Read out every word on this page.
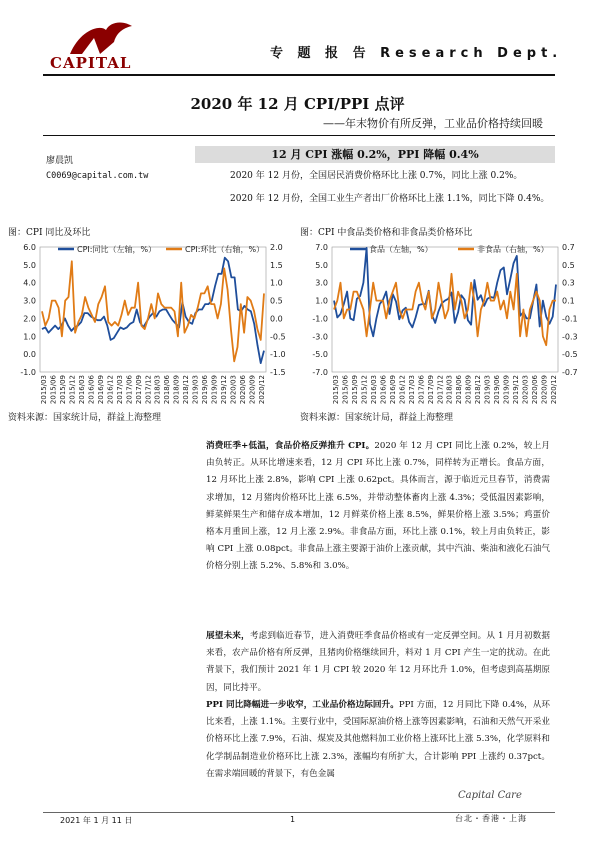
CAPITAL
专 题 报 告 Research Dept.
2020 年 12 月 CPI/PPI 点评
——年末物价有所反弹，工业品价格持续回暖
廖晨凯
C0069@capital.com.tw
12 月 CPI 涨幅 0.2%，PPI 降幅 0.4%
2020 年 12 月份，全国居民消费价格环比上涨 0.7%，同比上涨 0.2%。
2020 年 12 月份，全国工业生产者出厂价格环比上涨 1.1%，同比下降 0.4%。
图：CPI 同比及环比	图：CPI 中食品类价格和非食品类价格环比
6.0
5.0
4.0
3.0
2.0
1.0
0.0
-1.0
2.0
1.5
1.0
0.5
0.0
-0.5
-1.0
-1.5
2015/03 2015/06 2015/09 2015/12 2016/03 2016/06 2016/09 2016/12 2017/03 2017/06 2017/09 2017/12 2018/03 2018/06 2018/09 2018/12 2019/03 2019/06 2019/09 2019/12 2020/03 2020/06 2020/09 2020/12
CPI:同比（左轴，%）	CPI:环比（右轴，%）	7.0
5.0
3.0
1.0
-1.0
-3.0
-5.0
-7.0
0.7
0.5
0.3
0.1
-0.1
-0.3
-0.5
-0.7
2015/03 2015/06 2015/09 2015/12 2016/03 2016/06 2016/09 2016/12 2017/03 2017/06 2017/09 2017/12 2018/03 2018/06 2018/09 2018/12 2019/03 2019/06 2019/09 2019/12 2020/03 2020/06 2020/09 2020/12
食品（左轴，%）	非食品（右轴，%）
资料来源：国家统计局，群益上海整理	资料来源：国家统计局，群益上海整理
消费旺季+低温，食品价格反弹推升 CPI。2020 年 12 月 CPI 同比上涨 0.2%，较上月由负转正。从环比增速来看，12 月 CPI 环比上涨 0.7%，同样转为正增长。食品方面，12 月环比上涨 2.8%，影响 CPI 上涨 0.62pct。具体而言，源于临近元旦春节，消费需求增加，12 月猪肉价格环比上涨 6.5%，并带动整体畜肉上涨 4.3%；受低温因素影响，鲜菜鲜果生产和储存成本增加，12 月鲜菜价格上涨 8.5%，鲜果价格上涨 3.5%；鸡蛋价格本月重回上涨，12 月上涨 2.9%。非食品方面，环比上涨 0.1%，较上月由负转正，影响 CPI 上涨 0.08pct。非食品上涨主要源于油价上涨贡献，其中汽油、柴油和液化石油气价格分别上涨 5.2%、5.8%和 3.0%。
展望未来，考虑到临近春节，进入消费旺季食品价格或有一定反弹空间。从 1 月月初数据来看，农产品价格有所反弹，且猪肉价格继续回升，料对 1 月 CPI 产生一定的扰动。在此背景下，我们预计 2021 年 1 月 CPI 较 2020 年 12 月环比升 1.0%，但考虑到高基期原因，同比持平。
PPI 同比降幅进一步收窄，工业品价格边际回升。PPI 方面，12 月同比下降 0.4%，从环比来看，上涨 1.1%。主要行业中，受国际原油价格上涨等因素影响，石油和天然气开采业价格环比上涨 7.9%，石油、煤炭及其他燃料加工业价格上涨环比上涨 5.3%，化学原料和化学制品制造业价格环比上涨 2.3%，涨幅均有所扩大，合计影响 PPI 上涨约 0.37pct。在需求端回暖的背景下，有色金属
Capital Care
2021 年 1 月 11 日	1	台北・香港・上海
